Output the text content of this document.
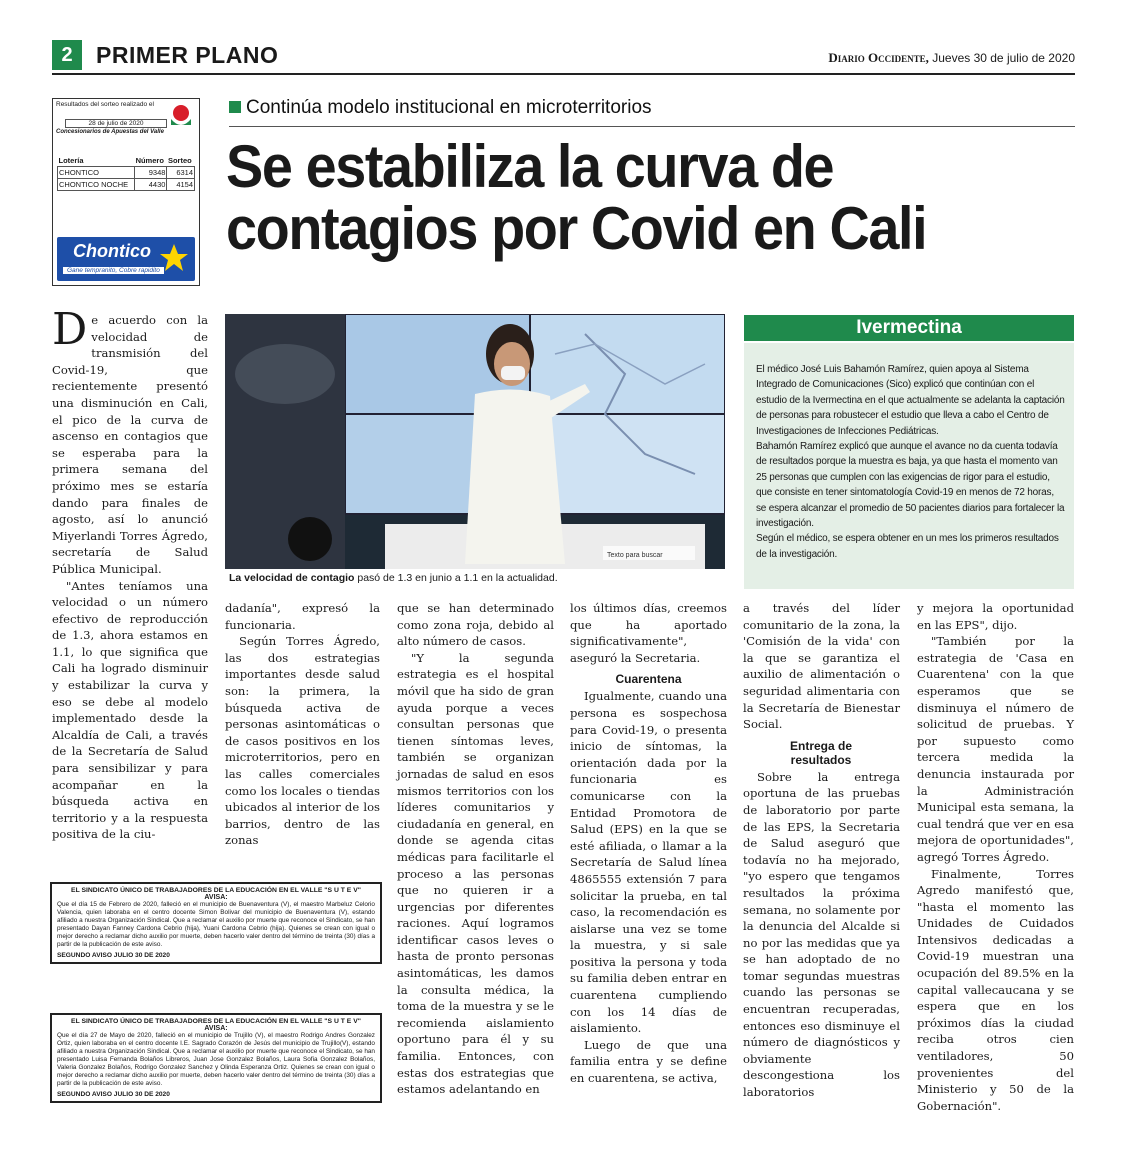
2	PRIMER PLANO	Diario Occidente, Jueves 30 de julio de 2020
Resultados del sorteo realizado el
28 de julio de 2020
Concesionarios de Apuestas del Valle
Lotería	Número	Sorteo
CHONTICO	9348	6314
CHONTICO NOCHE	4430	4154
Chontico
Gane tempranito, Cobre rapidito
Continúa modelo institucional en microterritorios
Se estabiliza la curva de contagios por Covid en Cali
Texto para buscar
La velocidad de contagio pasó de 1.3 en junio a 1.1 en la actualidad.
Ivermectina
El médico José Luis Bahamón Ramírez, quien apoya al Sistema Integrado de Comunicaciones (Sico) explicó que continúan con el estudio de la Ivermectina en el que actualmente se adelanta la captación de personas para robustecer el estudio que lleva a cabo el Centro de Investigaciones de Infecciones Pediátricas.
Bahamón Ramírez explicó que aunque el avance no da cuenta todavía de resultados porque la muestra es baja, ya que hasta el momento van 25 personas que cumplen con las exigencias de rigor para el estudio, que consiste en tener sintomatología Covid-19 en menos de 72 horas, se espera alcanzar el promedio de 50 pacientes diarios para fortalecer la investigación.
Según el médico, se espera obtener en un mes los primeros resultados de la investigación.

De acuerdo con la velocidad de transmisión del Covid-19, que recientemente presentó una disminución en Cali, el pico de la curva de ascenso en contagios que se esperaba para la primera semana del próximo mes se estaría dando para finales de agosto, así lo anunció Miyerlandi Torres Ágredo, secretaría de Salud Pública Municipal.

"Antes teníamos una velocidad o un número efectivo de reproducción de 1.3, ahora estamos en 1.1, lo que significa que Cali ha logrado disminuir y estabilizar la curva y eso se debe al modelo implementado desde la Alcaldía de Cali, a través de la Secretaría de Salud para sensibilizar y para acompañar en la búsqueda activa en territorio y a la respuesta positiva de la ciu-

dadanía", expresó la funcionaria.

Según Torres Ágredo, las dos estrategias importantes desde salud son: la primera, la búsqueda activa de personas asintomáticas o de casos positivos en los microterritorios, pero en las calles comerciales como los locales o tiendas ubicados al interior de los barrios, dentro de las zonas

que se han determinado como zona roja, debido al alto número de casos.

"Y la segunda estrategia es el hospital móvil que ha sido de gran ayuda porque a veces consultan personas que tienen síntomas leves, también se organizan jornadas de salud en esos mismos territorios con los líderes comunitarios y ciudadanía en general, en donde se agenda citas médicas para facilitarle el proceso a las personas que no quieren ir a urgencias por diferentes raciones. Aquí logramos identificar casos leves o hasta de pronto personas asintomáticas, les damos la consulta médica, la toma de la muestra y se le recomienda aislamiento oportuno para él y su familia. Entonces, con estas dos estrategias que estamos adelantando en

los últimos días, creemos que ha aportado significativamente", aseguró la Secretaria.

Cuarentena

Igualmente, cuando una persona es sospechosa para Covid-19, o presenta inicio de síntomas, la orientación dada por la funcionaria es comunicarse con la Entidad Promotora de Salud (EPS) en la que se esté afiliada, o llamar a la Secretaría de Salud línea 4865555 extensión 7 para solicitar la prueba, en tal caso, la recomendación es aislarse una vez se tome la muestra, y si sale positiva la persona y toda su familia deben entrar en cuarentena cumpliendo con los 14 días de aislamiento.

Luego de que una familia entra y se define en cuarentena, se activa,

a través del líder comunitario de la zona, la 'Comisión de la vida' con la que se garantiza el auxilio de alimentación o seguridad alimentaria con la Secretaría de Bienestar Social.

Entrega de resultados

Sobre la entrega oportuna de las pruebas de laboratorio por parte de las EPS, la Secretaria de Salud aseguró que todavía no ha mejorado, "yo espero que tengamos resultados la próxima semana, no solamente por la denuncia del Alcalde si no por las medidas que ya se han adoptado de no tomar segundas muestras cuando las personas se encuentran recuperadas, entonces eso disminuye el número de diagnósticos y obviamente descongestiona los laboratorios

y mejora la oportunidad en las EPS", dijo.

"También por la estrategia de 'Casa en Cuarentena' con la que esperamos que se disminuya el número de solicitud de pruebas. Y por supuesto como tercera medida la denuncia instaurada por la Administración Municipal esta semana, la cual tendrá que ver en esa mejora de oportunidades", agregó Torres Ágredo.

Finalmente, Torres Agredo manifestó que, "hasta el momento las Unidades de Cuidados Intensivos dedicadas a Covid-19 muestran una ocupación del 89.5% en la capital vallecaucana y se espera que en los próximos días la ciudad reciba otros cien ventiladores, 50 provenientes del Ministerio y 50 de la Gobernación".

EL SINDICATO ÚNICO DE TRABAJADORES DE LA EDUCACIÓN EN EL VALLE "S U T E V"
AVISA:
Que el día 15 de Febrero de 2020, falleció en el municipio de Buenaventura (V), el maestro Marbeluz Celorio Valencia, quien laboraba en el centro docente Simon Bolivar del municipio de Buenaventura (V), estando afiliado a nuestra Organización Sindical. Que a reclamar el auxilio por muerte que reconoce el Sindicato, se han presentado Dayan Fanney Cardona Cebrio (hija), Yuani Cardona Cebrio (hija). Quienes se crean con igual o mejor derecho a reclamar dicho auxilio por muerte, deben hacerlo valer dentro del término de treinta (30) días a partir de la publicación de este aviso.
SEGUNDO AVISO JULIO 30 DE 2020
EL SINDICATO ÚNICO DE TRABAJADORES DE LA EDUCACIÓN EN EL VALLE "S U T E V"
AVISA:
Que el día 27 de Mayo de 2020, falleció en el municipio de Trujillo (V), el maestro Rodrigo Andres Gonzalez Ortiz, quien laboraba en el centro docente I.E. Sagrado Corazón de Jesús del municipio de Trujillo(V), estando afiliado a nuestra Organización Sindical. Que a reclamar el auxilio por muerte que reconoce el Sindicato, se han presentado Luisa Fernanda Bolaños Libreros, Juan Jose Gonzalez Bolaños, Laura Sofia Gonzalez Bolaños, Valeria Gonzalez Bolaños, Rodrigo Gonzalez Sanchez y Olinda Esperanza Ortiz. Quienes se crean con igual o mejor derecho a reclamar dicho auxilio por muerte, deben hacerlo valer dentro del término de treinta (30) días a partir de la publicación de este aviso.
SEGUNDO AVISO JULIO 30 DE 2020
